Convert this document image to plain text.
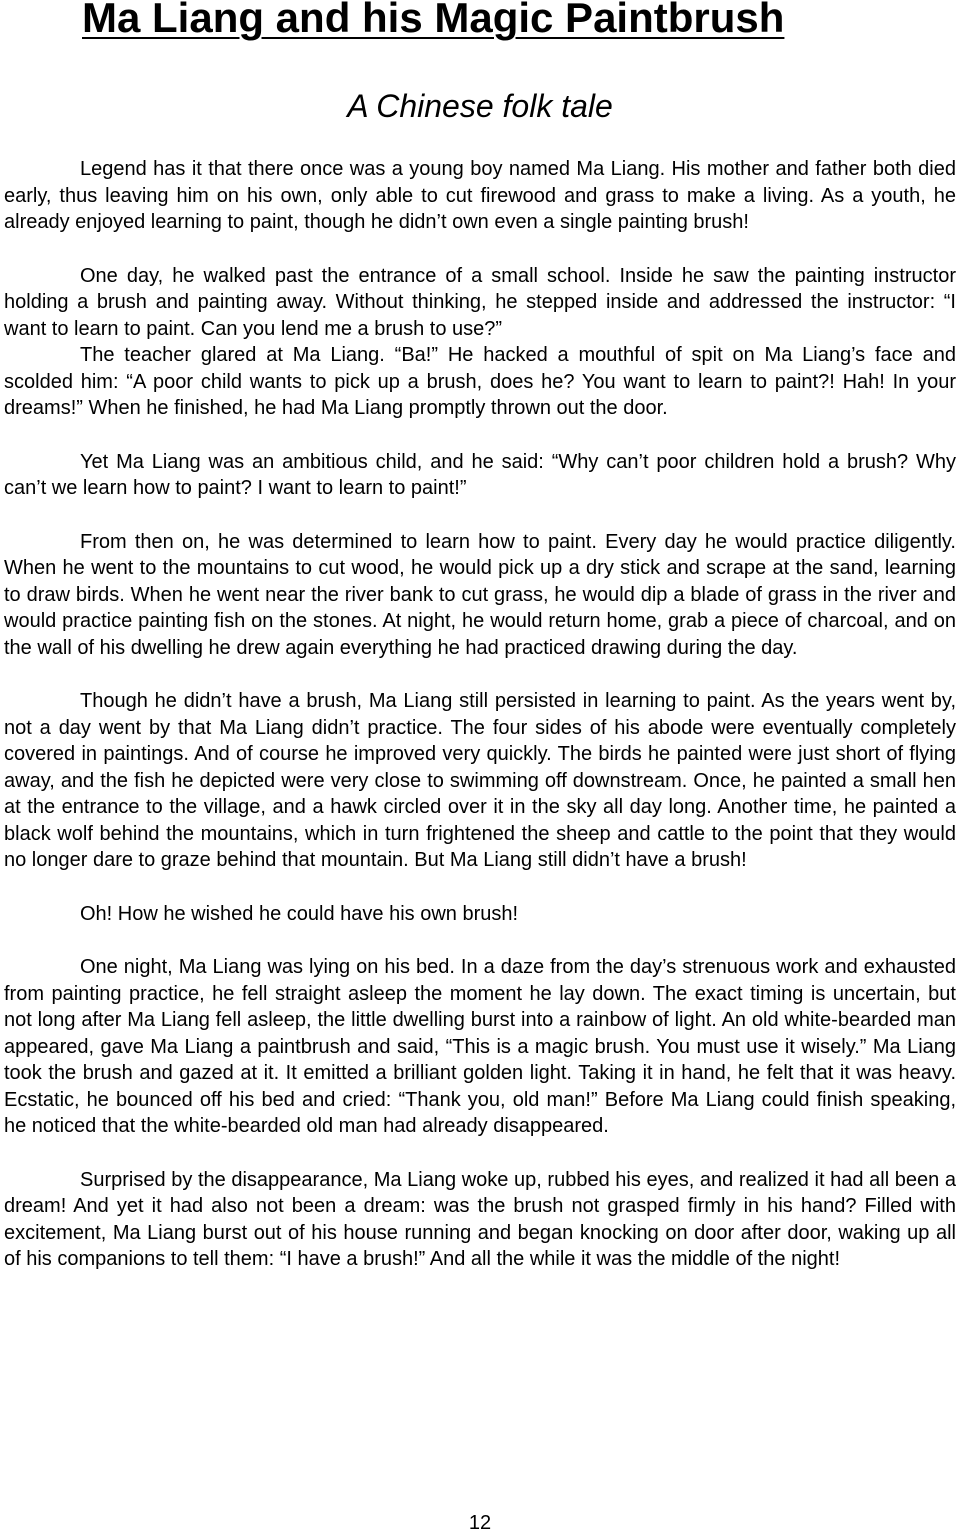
Ma Liang and his Magic Paintbrush
A Chinese folk tale

Legend has it that there once was a young boy named Ma Liang. His mother and father both died early, thus leaving him on his own, only able to cut firewood and grass to make a living. As a youth, he already enjoyed learning to paint, though he didn’t own even a single painting brush!

One day, he walked past the entrance of a small school. Inside he saw the painting instructor holding a brush and painting away. Without thinking, he stepped inside and addressed the instructor: “I want to learn to paint. Can you lend me a brush to use?”

The teacher glared at Ma Liang. “Ba!” He hacked a mouthful of spit on Ma Liang’s face and scolded him: “A poor child wants to pick up a brush, does he? You want to learn to paint?! Hah! In your dreams!” When he finished, he had Ma Liang promptly thrown out the door.

Yet Ma Liang was an ambitious child, and he said: “Why can’t poor children hold a brush? Why can’t we learn how to paint? I want to learn to paint!”

From then on, he was determined to learn how to paint. Every day he would practice diligently. When he went to the mountains to cut wood, he would pick up a dry stick and scrape at the sand, learning to draw birds. When he went near the river bank to cut grass, he would dip a blade of grass in the river and would practice painting fish on the stones. At night, he would return home, grab a piece of charcoal, and on the wall of his dwelling he drew again everything he had practiced drawing during the day.

Though he didn’t have a brush, Ma Liang still persisted in learning to paint. As the years went by, not a day went by that Ma Liang didn’t practice. The four sides of his abode were eventually completely covered in paintings. And of course he improved very quickly. The birds he painted were just short of flying away, and the fish he depicted were very close to swimming off downstream. Once, he painted a small hen at the entrance to the village, and a hawk circled over it in the sky all day long. Another time, he painted a black wolf behind the mountains, which in turn frightened the sheep and cattle to the point that they would no longer dare to graze behind that mountain. But Ma Liang still didn’t have a brush!

Oh! How he wished he could have his own brush!

One night, Ma Liang was lying on his bed. In a daze from the day’s strenuous work and exhausted from painting practice, he fell straight asleep the moment he lay down. The exact timing is uncertain, but not long after Ma Liang fell asleep, the little dwelling burst into a rainbow of light. An old white-bearded man appeared, gave Ma Liang a paintbrush and said, “This is a magic brush. You must use it wisely.” Ma Liang took the brush and gazed at it. It emitted a brilliant golden light. Taking it in hand, he felt that it was heavy. Ecstatic, he bounced off his bed and cried: “Thank you, old man!” Before Ma Liang could finish speaking, he noticed that the white-bearded old man had already disappeared.

Surprised by the disappearance, Ma Liang woke up, rubbed his eyes, and realized it had all been a dream! And yet it had also not been a dream: was the brush not grasped firmly in his hand? Filled with excitement, Ma Liang burst out of his house running and began knocking on door after door, waking up all of his companions to tell them: “I have a brush!” And all the while it was the middle of the night!

12
